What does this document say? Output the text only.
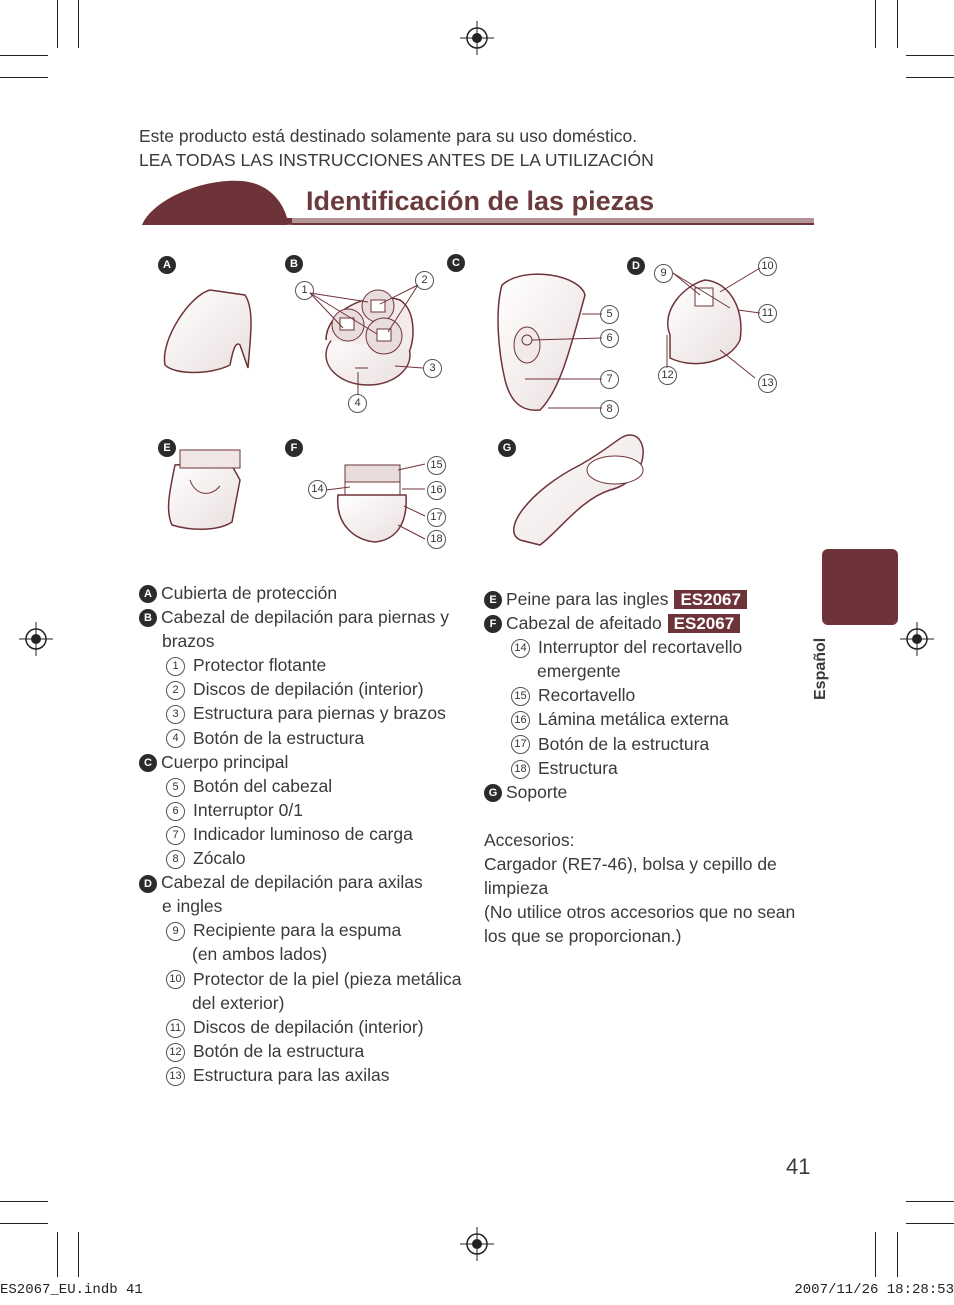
Este producto está destinado solamente para su uso doméstico.
LEA TODAS LAS INSTRUCCIONES ANTES DE LA UTILIZACIÓN
Identificación de las piezas
A	B	C	D
E	F	G
1
2
3
4
5
6
7
8
9
10
11
12
13
14
15
16
17
18
A Cubierta de protección
B Cabezal de depilación para piernas y
brazos
1 Protector flotante
2 Discos de depilación (interior)
3 Estructura para piernas y brazos
4 Botón de la estructura
C Cuerpo principal
5 Botón del cabezal
6 Interruptor 0/1
7 Indicador luminoso de carga
8 Zócalo
D Cabezal de depilación para axilas
e ingles
9 Recipiente para la espuma
(en ambos lados)
10 Protector de la piel (pieza metálica
del exterior)
11 Discos de depilación (interior)
12 Botón de la estructura
13 Estructura para las axilas
E Peine para las ingles ES2067
F Cabezal de afeitado ES2067
14 Interruptor del recortavello
emergente
15 Recortavello
16 Lámina metálica externa
17 Botón de la estructura
18 Estructura
G Soporte
Accesorios:
Cargador (RE7-46), bolsa y cepillo de
limpieza
(No utilice otros accesorios que no sean
los que se proporcionan.)
Español
41
ES2067_EU.indb 41	2007/11/26 18:28:53
